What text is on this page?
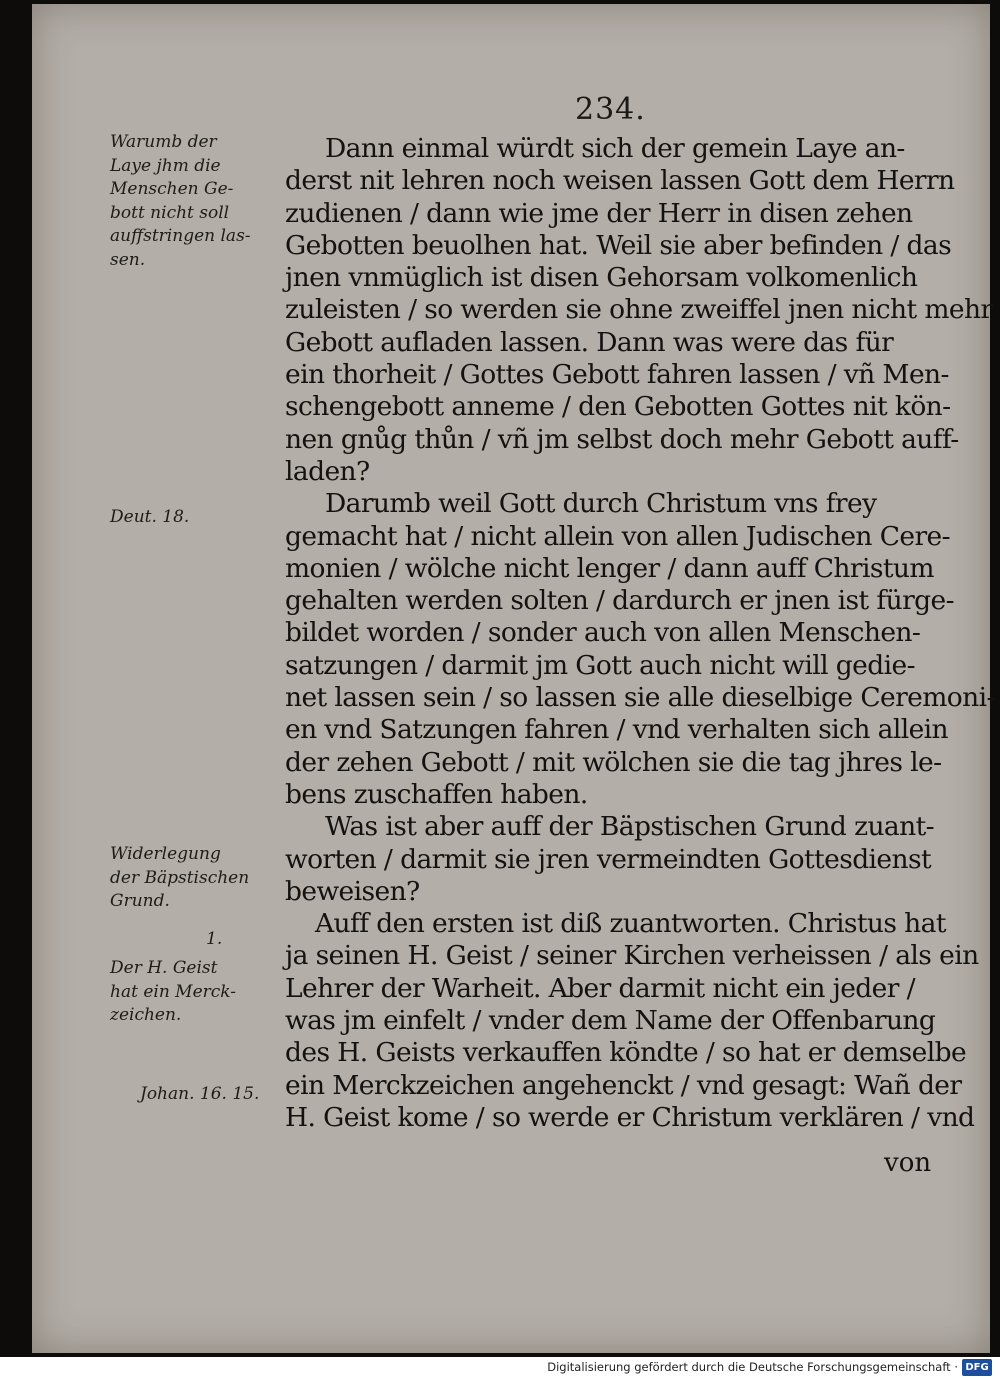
234.
Warumb der
Laye jhm die
Menschen Ge-
bott nicht soll
auffstringen las-
sen.
Deut. 18.
Widerlegung
der Bäpstischen
Grund.
1.
Der H. Geist
hat ein Merck-
zeichen.
Johan. 16. 15.
Dann einmal würdt sich der gemein Laye an-
derst nit lehren noch weisen lassen Gott dem Herrn
zudienen / dann wie jme der Herr in disen zehen
Gebotten beuolhen hat. Weil sie aber befinden / das
jnen vnmüglich ist disen Gehorsam volkomenlich
zuleisten / so werden sie ohne zweiffel jnen nicht mehr
Gebott aufladen lassen. Dann was were das für
ein thorheit / Gottes Gebott fahren lassen / vñ Men-
schengebott anneme / den Gebotten Gottes nit kön-
nen gnůg thůn / vñ jm selbst doch mehr Gebott auff-
laden?
Darumb weil Gott durch Christum vns frey
gemacht hat / nicht allein von allen Judischen Cere-
monien / wölche nicht lenger / dann auff Christum
gehalten werden solten / dardurch er jnen ist fürge-
bildet worden / sonder auch von allen Menschen-
satzungen / darmit jm Gott auch nicht will gedie-
net lassen sein / so lassen sie alle dieselbige Ceremoni-
en vnd Satzungen fahren / vnd verhalten sich allein
der zehen Gebott / mit wölchen sie die tag jhres le-
bens zuschaffen haben.
Was ist aber auff der Bäpstischen Grund zuant-
worten / darmit sie jren vermeindten Gottesdienst
beweisen?
Auff den ersten ist diß zuantworten. Christus hat
ja seinen H. Geist / seiner Kirchen verheissen / als ein
Lehrer der Warheit. Aber darmit nicht ein jeder /
was jm einfelt / vnder dem Name der Offenbarung
des H. Geists verkauffen köndte / so hat er demselbe
ein Merckzeichen angehenckt / vnd gesagt: Wañ der
H. Geist kome / so werde er Christum verklären / vnd
von
Digitalisierung gefördert durch die Deutsche Forschungsgemeinschaft · DFG
